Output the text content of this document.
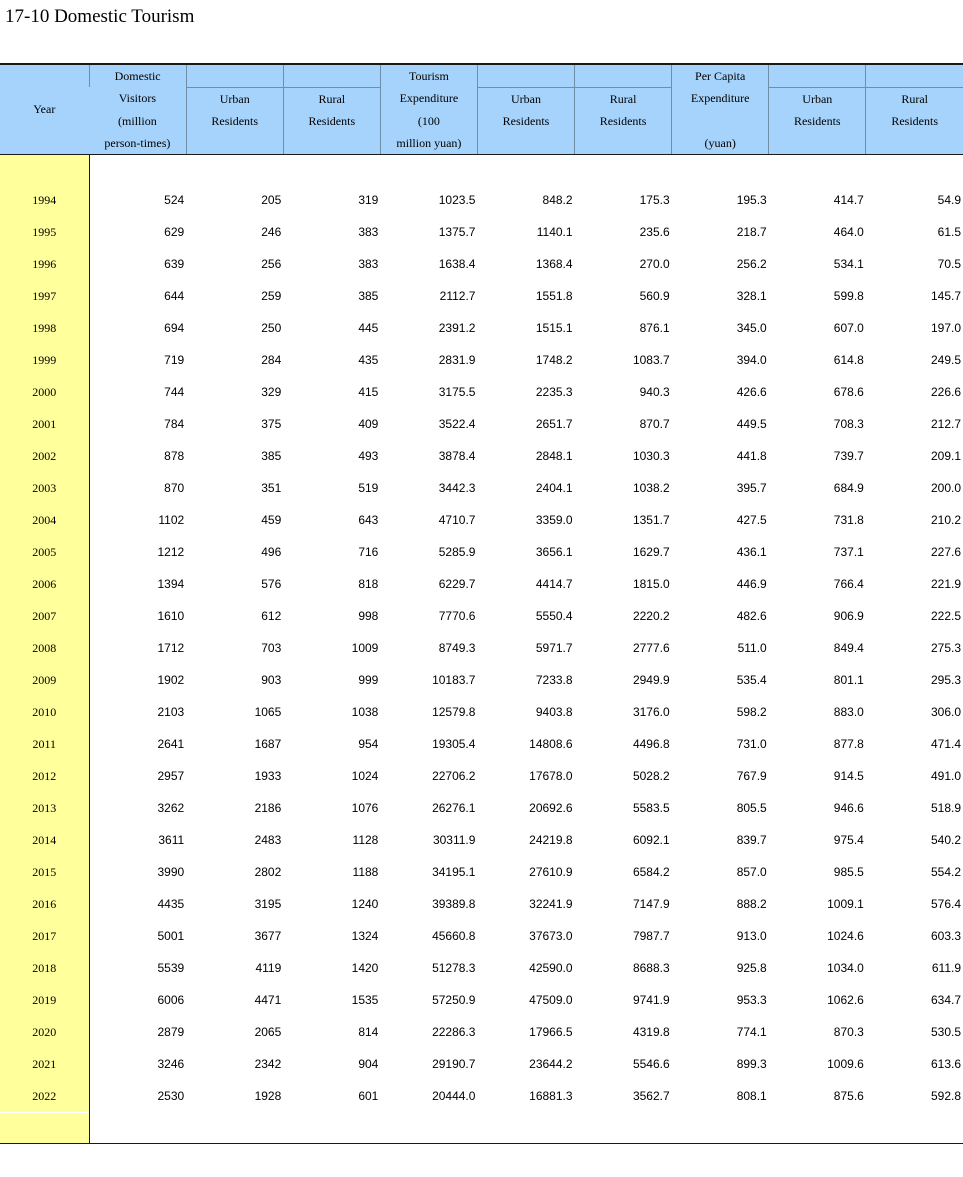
17-10 Domestic Tourism
Year	Domestic			Tourism			Per Capita		
	Visitors	Urban	Rural	Expenditure	Urban	Rural	Expenditure	Urban	Rural
	(million	Residents	Residents	(100	Residents	Residents		Residents	Residents
	person-times)			million yuan)			(yuan)		

1994	524	205	319	1023.5	848.2	175.3	195.3	414.7	54.9
1995	629	246	383	1375.7	1140.1	235.6	218.7	464.0	61.5
1996	639	256	383	1638.4	1368.4	270.0	256.2	534.1	70.5
1997	644	259	385	2112.7	1551.8	560.9	328.1	599.8	145.7
1998	694	250	445	2391.2	1515.1	876.1	345.0	607.0	197.0
1999	719	284	435	2831.9	1748.2	1083.7	394.0	614.8	249.5
2000	744	329	415	3175.5	2235.3	940.3	426.6	678.6	226.6
2001	784	375	409	3522.4	2651.7	870.7	449.5	708.3	212.7
2002	878	385	493	3878.4	2848.1	1030.3	441.8	739.7	209.1
2003	870	351	519	3442.3	2404.1	1038.2	395.7	684.9	200.0
2004	1102	459	643	4710.7	3359.0	1351.7	427.5	731.8	210.2
2005	1212	496	716	5285.9	3656.1	1629.7	436.1	737.1	227.6
2006	1394	576	818	6229.7	4414.7	1815.0	446.9	766.4	221.9
2007	1610	612	998	7770.6	5550.4	2220.2	482.6	906.9	222.5
2008	1712	703	1009	8749.3	5971.7	2777.6	511.0	849.4	275.3
2009	1902	903	999	10183.7	7233.8	2949.9	535.4	801.1	295.3
2010	2103	1065	1038	12579.8	9403.8	3176.0	598.2	883.0	306.0
2011	2641	1687	954	19305.4	14808.6	4496.8	731.0	877.8	471.4
2012	2957	1933	1024	22706.2	17678.0	5028.2	767.9	914.5	491.0
2013	3262	2186	1076	26276.1	20692.6	5583.5	805.5	946.6	518.9
2014	3611	2483	1128	30311.9	24219.8	6092.1	839.7	975.4	540.2
2015	3990	2802	1188	34195.1	27610.9	6584.2	857.0	985.5	554.2
2016	4435	3195	1240	39389.8	32241.9	7147.9	888.2	1009.1	576.4
2017	5001	3677	1324	45660.8	37673.0	7987.7	913.0	1024.6	603.3
2018	5539	4119	1420	51278.3	42590.0	8688.3	925.8	1034.0	611.9
2019	6006	4471	1535	57250.9	47509.0	9741.9	953.3	1062.6	634.7
2020	2879	2065	814	22286.3	17966.5	4319.8	774.1	870.3	530.5
2021	3246	2342	904	29190.7	23644.2	5546.6	899.3	1009.6	613.6
2022	2530	1928	601	20444.0	16881.3	3562.7	808.1	875.6	592.8
